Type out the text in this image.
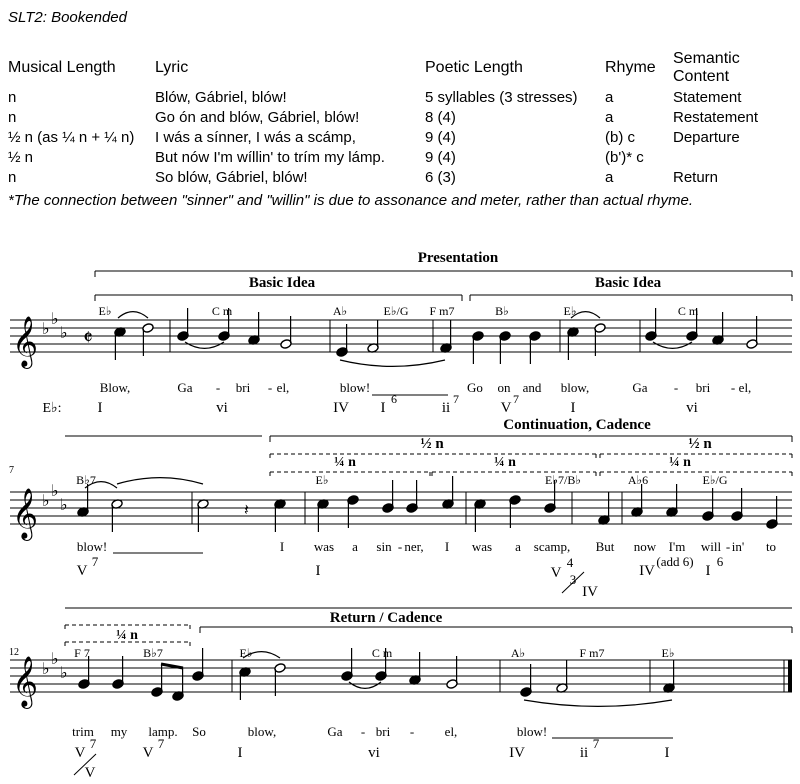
SLT2: Bookended
Musical Length	Lyric	Poetic Length	Rhyme	Semantic Content
n	Blów, Gábriel, blów!	5 syllables (3 stresses)	a	Statement
n	Go ón and blów, Gábriel, blów!	8 (4)	a	Restatement
½ n (as ¼ n + ¼ n)	I wás a sínner, I wás a scámp,	9 (4)	(b) c	Departure
½ n	But nów I'm wíllin' to trím my lámp.	9 (4)	(b')* c	
n	So blów, Gábriel, blów!	6 (3)	a	Return
*The connection between "sinner" and "willin" is due to assonance and meter, rather than actual rhyme.
𝄞 ♭
♭
♭
𝄞 ♭
♭
♭
𝄞 ♭
♭
♭
Presentation
Basic Idea	Basic Idea
𝄵
E♭	C m	A♭	E♭/G F m7	B♭	E♭	C m
Blow,	Ga - bri - el,	blow!	Go on and blow,	Ga - bri - el,
E♭: I	vi	IV I
6
ii
7
V
7
I	vi
7
Continuation, Cadence
½ n	½ n
¼ n	¼ n	¼ n
B♭7	E♭	E♭7/B♭	A♭6	E♭/G
𝄽
blow!	I was a sin - ner, I was a scamp, But now I'm will - in' to
V
7
I	V
4
3
IV
IV
(add 6)
I
6
12
¼ n
Return / Cadence
F 7	B♭7	E♭	C m	A♭	F m7	E♭
trim my lamp. So	blow,	Ga - bri - el,	blow!
V
7
V
V
7
I	vi	IV	ii
7
I
